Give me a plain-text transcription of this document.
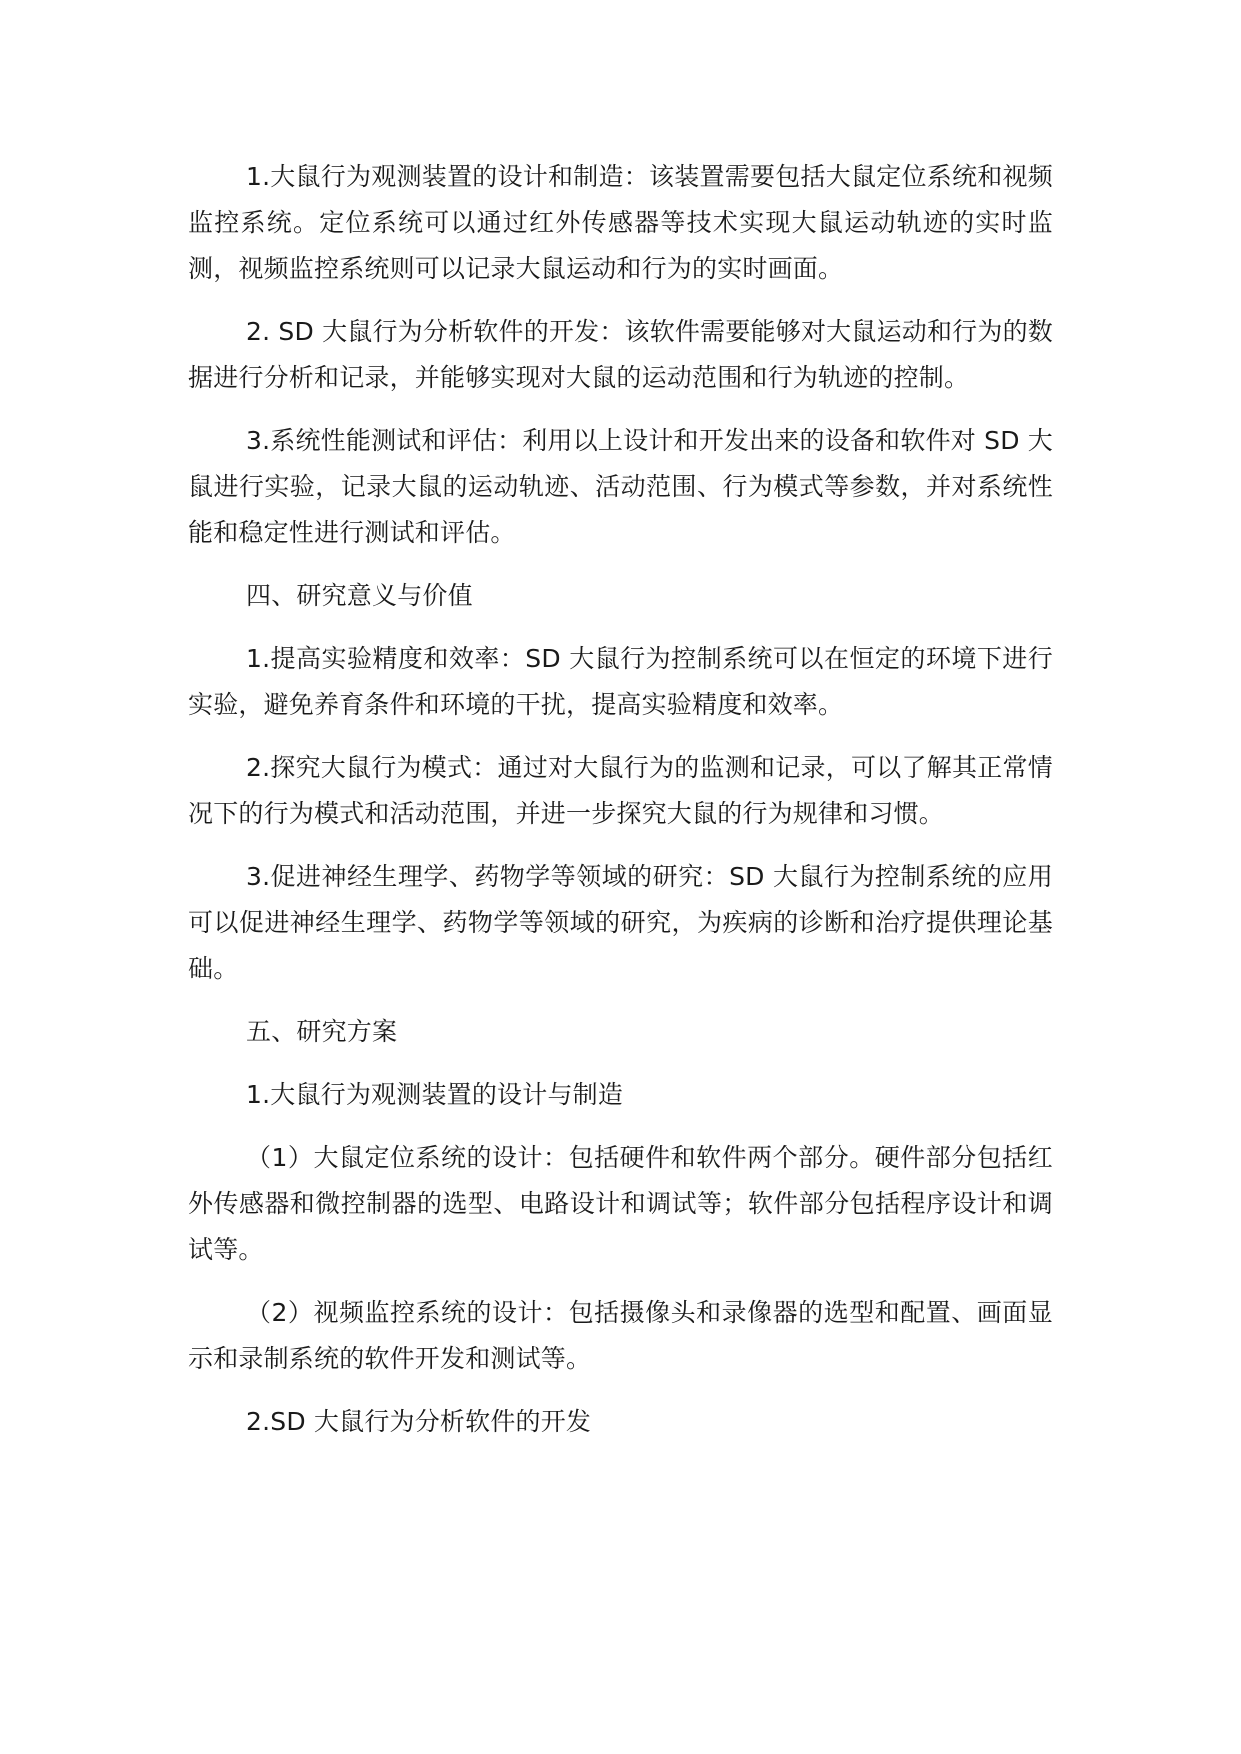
1.大鼠行为观测装置的设计和制造：该装置需要包括大鼠定位系统和视频监控系统。定位系统可以通过红外传感器等技术实现大鼠运动轨迹的实时监测，视频监控系统则可以记录大鼠运动和行为的实时画面。

2. SD 大鼠行为分析软件的开发：该软件需要能够对大鼠运动和行为的数据进行分析和记录，并能够实现对大鼠的运动范围和行为轨迹的控制。

3.系统性能测试和评估：利用以上设计和开发出来的设备和软件对 SD 大鼠进行实验，记录大鼠的运动轨迹、活动范围、行为模式等参数，并对系统性能和稳定性进行测试和评估。

四、研究意义与价值

1.提高实验精度和效率：SD 大鼠行为控制系统可以在恒定的环境下进行实验，避免养育条件和环境的干扰，提高实验精度和效率。

2.探究大鼠行为模式：通过对大鼠行为的监测和记录，可以了解其正常情况下的行为模式和活动范围，并进一步探究大鼠的行为规律和习惯。

3.促进神经生理学、药物学等领域的研究：SD 大鼠行为控制系统的应用可以促进神经生理学、药物学等领域的研究，为疾病的诊断和治疗提供理论基础。

五、研究方案

1.大鼠行为观测装置的设计与制造

（1）大鼠定位系统的设计：包括硬件和软件两个部分。硬件部分包括红外传感器和微控制器的选型、电路设计和调试等；软件部分包括程序设计和调试等。

（2）视频监控系统的设计：包括摄像头和录像器的选型和配置、画面显示和录制系统的软件开发和测试等。

2.SD 大鼠行为分析软件的开发
